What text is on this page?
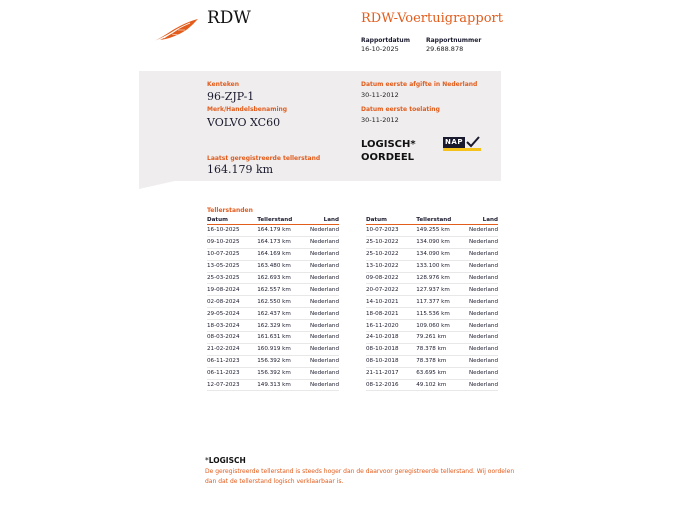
RDW	RDW-Voertuigrapport
Rapportdatum
16-10-2025
Rapportnummer
29.688.878
Kenteken
96-ZJP-1
Merk/Handelsbenaming
VOLVO XC60
Laatst geregistreerde tellerstand
164.179 km
Datum eerste afgifte in Nederland
30-11-2012
Datum eerste toelating
30-11-2012
LOGISCH*
OORDEEL
NAP
Tellerstanden
Datum	Tellerstand	Land
16-10-2025	164.179 km	Nederland
09-10-2025	164.173 km	Nederland
10-07-2025	164.169 km	Nederland
13-05-2025	163.480 km	Nederland
25-03-2025	162.693 km	Nederland
19-08-2024	162.557 km	Nederland
02-08-2024	162.550 km	Nederland
29-05-2024	162.437 km	Nederland
18-03-2024	162.329 km	Nederland
08-03-2024	161.631 km	Nederland
21-02-2024	160.919 km	Nederland
06-11-2023	156.392 km	Nederland
06-11-2023	156.392 km	Nederland
12-07-2023	149.313 km	Nederland
Datum	Tellerstand	Land
10-07-2023	149.255 km	Nederland
25-10-2022	134.090 km	Nederland
25-10-2022	134.090 km	Nederland
13-10-2022	133.100 km	Nederland
09-08-2022	128.976 km	Nederland
20-07-2022	127.937 km	Nederland
14-10-2021	117.377 km	Nederland
18-08-2021	115.536 km	Nederland
16-11-2020	109.060 km	Nederland
24-10-2018	79.261 km	Nederland
08-10-2018	78.378 km	Nederland
08-10-2018	78.378 km	Nederland
21-11-2017	63.695 km	Nederland
08-12-2016	49.102 km	Nederland
*LOGISCH
De geregistreerde tellerstand is steeds hoger dan de daarvoor geregistreerde tellerstand. Wij oordelen dan dat de tellerstand logisch verklaarbaar is.
